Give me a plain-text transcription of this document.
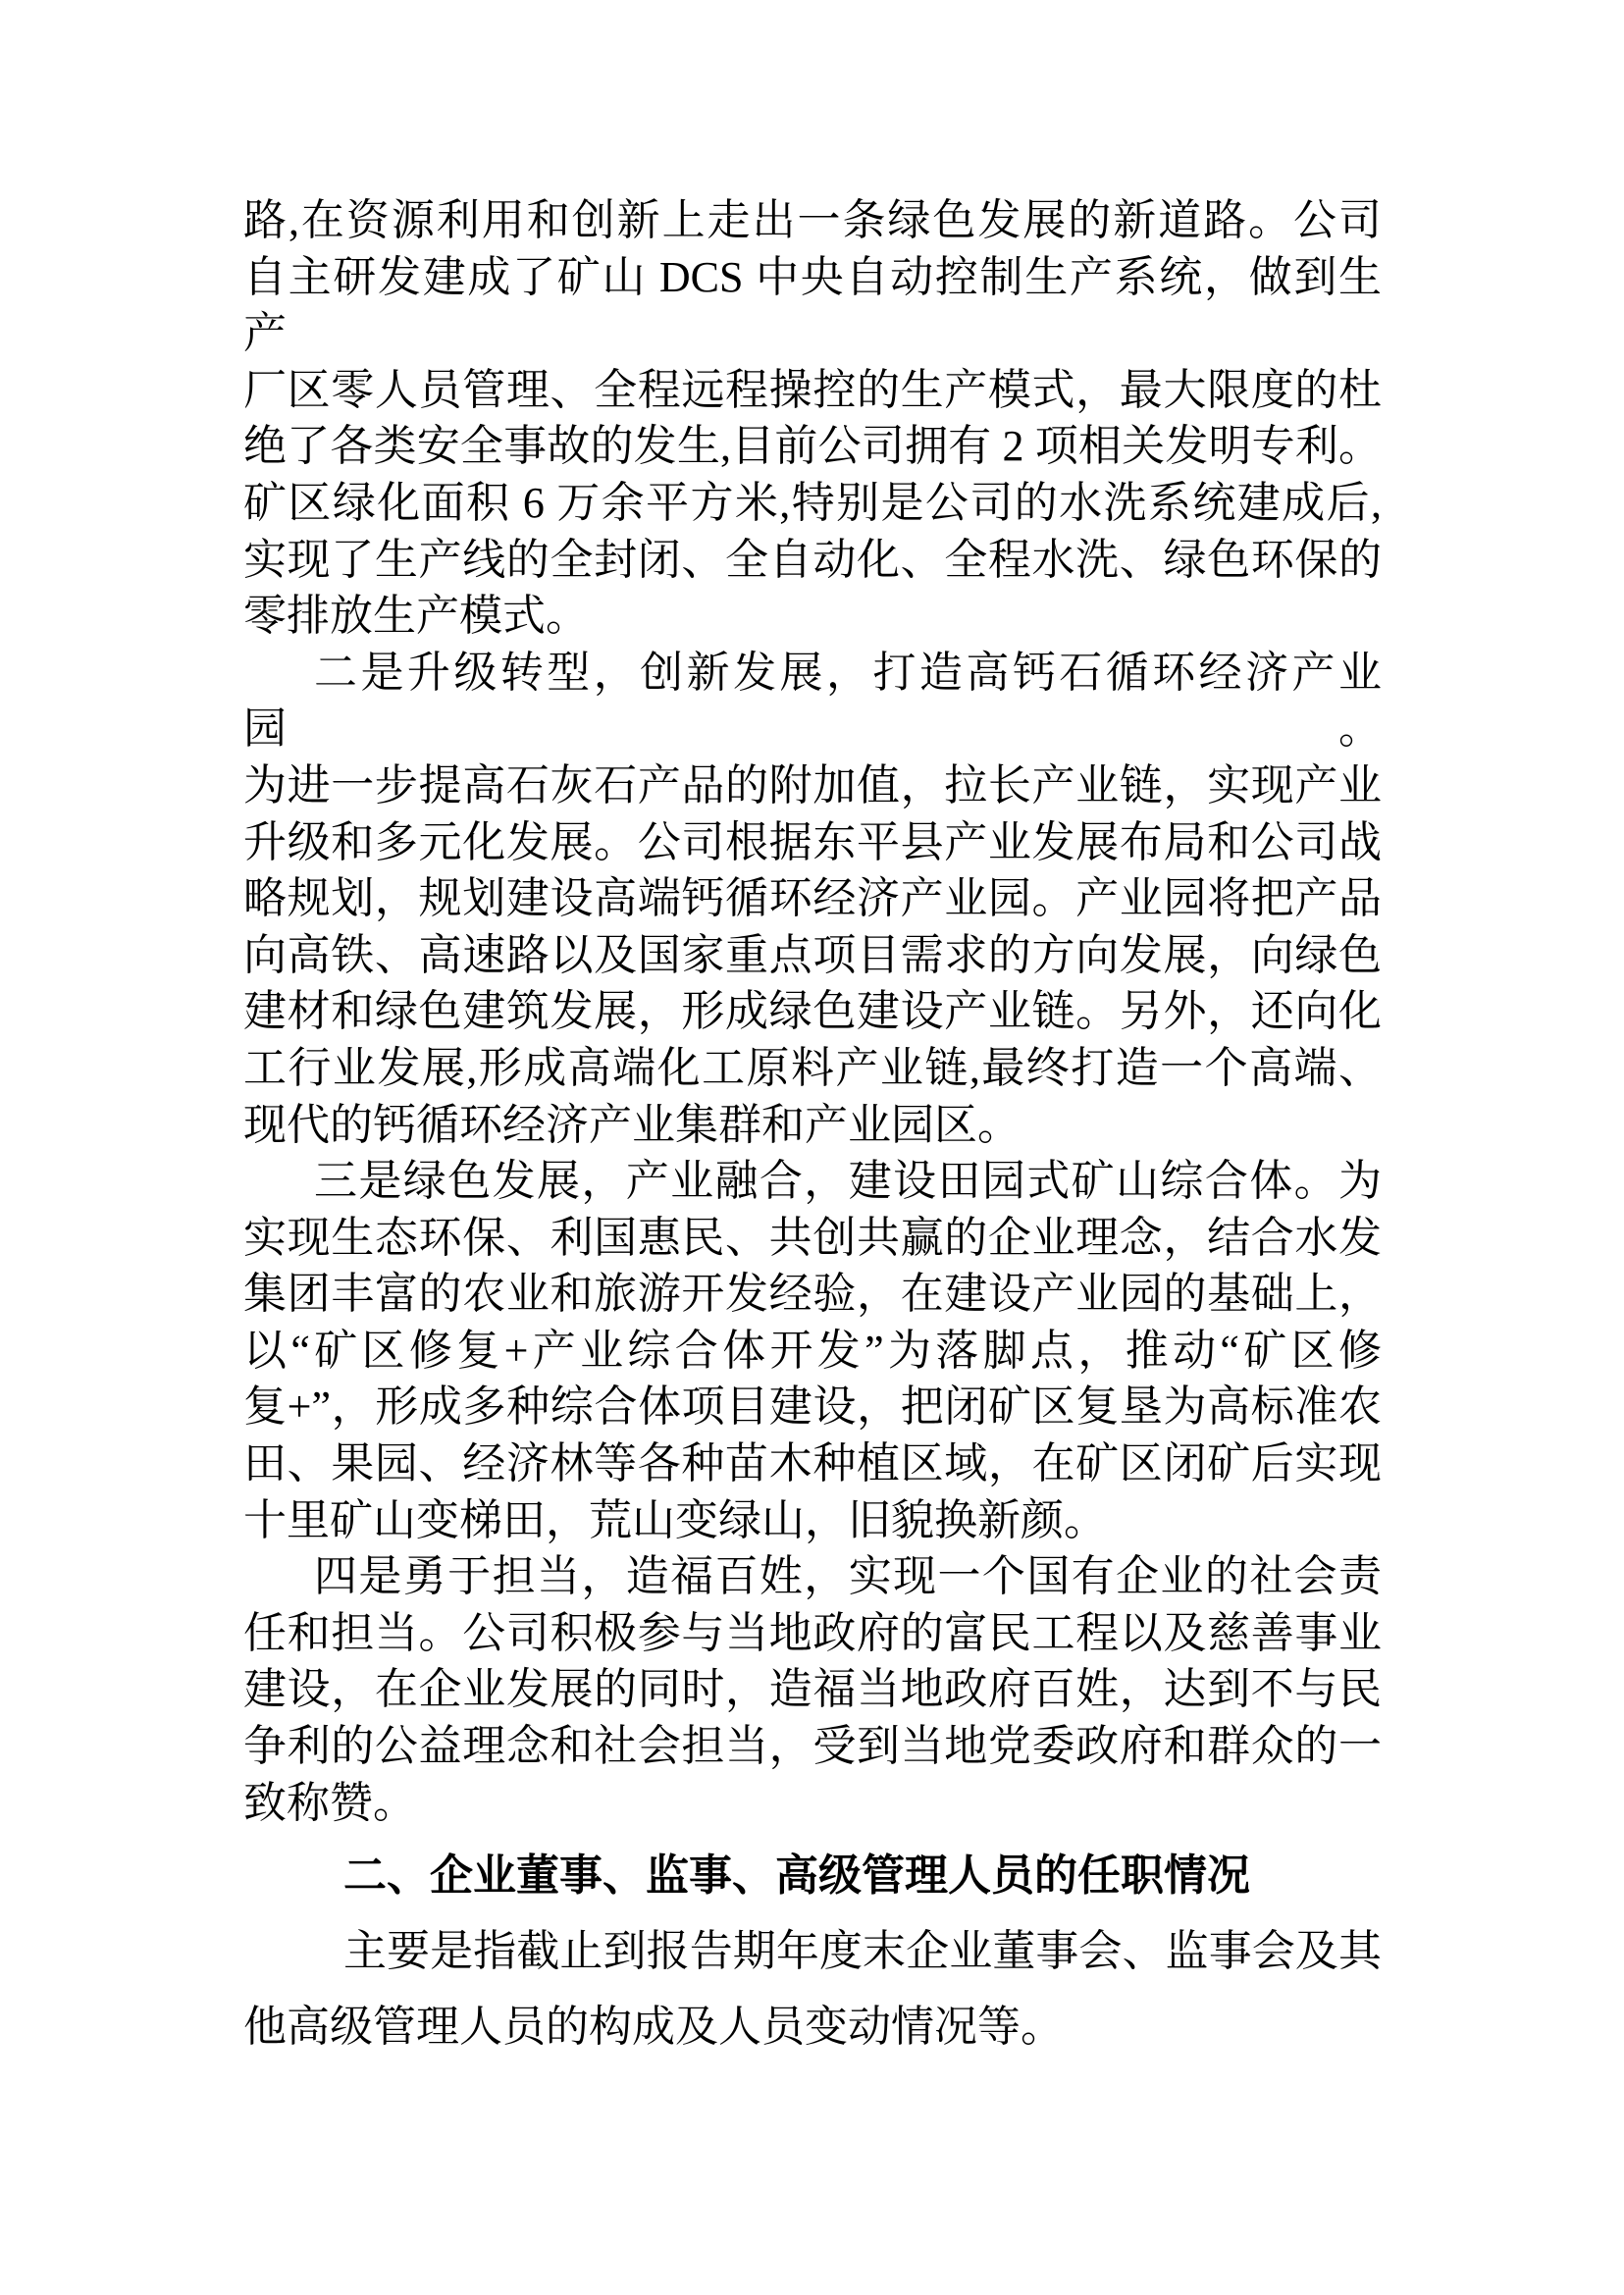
路,在资源利用和创新上走出一条绿色发展的新道路。公司
自主研发建成了矿山 DCS 中央自动控制生产系统，做到生产
厂区零人员管理、全程远程操控的生产模式，最大限度的杜
绝了各类安全事故的发生,目前公司拥有 2 项相关发明专利。
矿区绿化面积 6 万余平方米,特别是公司的水洗系统建成后,
实现了生产线的全封闭、全自动化、全程水洗、绿色环保的
零排放生产模式。
二是升级转型，创新发展，打造高钙石循环经济产业园。
为进一步提高石灰石产品的附加值，拉长产业链，实现产业
升级和多元化发展。公司根据东平县产业发展布局和公司战
略规划，规划建设高端钙循环经济产业园。产业园将把产品
向高铁、高速路以及国家重点项目需求的方向发展，向绿色
建材和绿色建筑发展，形成绿色建设产业链。另外，还向化
工行业发展,形成高端化工原料产业链,最终打造一个高端、
现代的钙循环经济产业集群和产业园区。
三是绿色发展，产业融合，建设田园式矿山综合体。为
实现生态环保、利国惠民、共创共赢的企业理念，结合水发
集团丰富的农业和旅游开发经验，在建设产业园的基础上，
以“矿区修复+产业综合体开发”为落脚点，推动“矿区修
复+”，形成多种综合体项目建设，把闭矿区复垦为高标准农
田、果园、经济林等各种苗木种植区域，在矿区闭矿后实现
十里矿山变梯田，荒山变绿山，旧貌换新颜。
四是勇于担当，造福百姓，实现一个国有企业的社会责
任和担当。公司积极参与当地政府的富民工程以及慈善事业
建设，在企业发展的同时，造福当地政府百姓，达到不与民
争利的公益理念和社会担当，受到当地党委政府和群众的一
致称赞。
二、企业董事、监事、高级管理人员的任职情况
主要是指截止到报告期年度末企业董事会、监事会及其
他高级管理人员的构成及人员变动情况等。
